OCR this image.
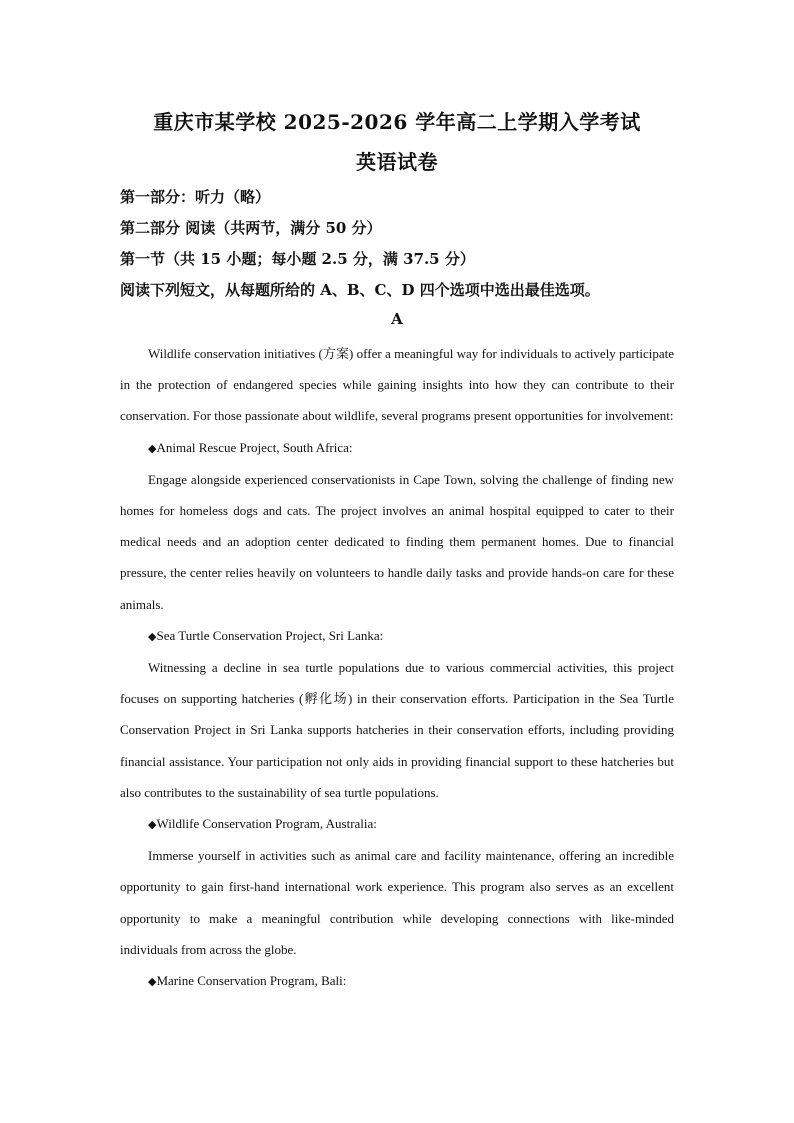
重庆市某学校 2025-2026 学年高二上学期入学考试
英语试卷
第一部分：听力（略）
第二部分 阅读（共两节，满分 50 分）
第一节（共 15 小题；每小题 2.5 分，满 37.5 分）
阅读下列短文，从每题所给的 A、B、C、D 四个选项中选出最佳选项。
A

Wildlife conservation initiatives (方案) offer a meaningful way for individuals to actively participate in the protection of endangered species while gaining insights into how they can contribute to their conservation. For those passionate about wildlife, several programs present opportunities for involvement:

◆Animal Rescue Project, South Africa:

Engage alongside experienced conservationists in Cape Town, solving the challenge of finding new homes for homeless dogs and cats. The project involves an animal hospital equipped to cater to their medical needs and an adoption center dedicated to finding them permanent homes. Due to financial pressure, the center relies heavily on volunteers to handle daily tasks and provide hands-on care for these animals.

◆Sea Turtle Conservation Project, Sri Lanka:

Witnessing a decline in sea turtle populations due to various commercial activities, this project focuses on supporting hatcheries (孵化场) in their conservation efforts. Participation in the Sea Turtle Conservation Project in Sri Lanka supports hatcheries in their conservation efforts, including providing financial assistance. Your participation not only aids in providing financial support to these hatcheries but also contributes to the sustainability of sea turtle populations.

◆Wildlife Conservation Program, Australia:

Immerse yourself in activities such as animal care and facility maintenance, offering an incredible opportunity to gain first-hand international work experience. This program also serves as an excellent opportunity to make a meaningful contribution while developing connections with like-minded individuals from across the globe.

◆Marine Conservation Program, Bali:
